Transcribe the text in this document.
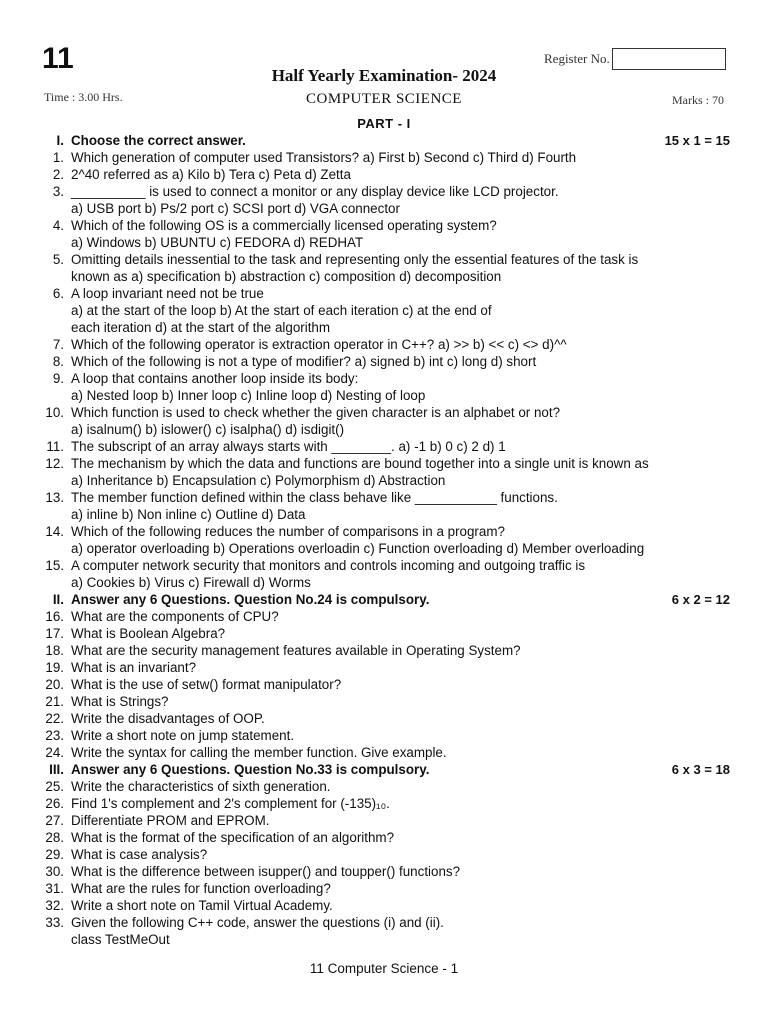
11	Register No.
Half Yearly Examination- 2024
Time : 3.00 Hrs.	COMPUTER SCIENCE	Marks : 70
PART - I
I. Choose the correct answer.	15 x 1 = 15
1. Which generation of computer used Transistors? a) First b) Second c) Third d) Fourth
2. 2^40 referred as a) Kilo b) Tera c) Peta d) Zetta
3. __________ is used to connect a monitor or any display device like LCD projector.
a) USB port b) Ps/2 port c) SCSI port d) VGA connector
4. Which of the following OS is a commercially licensed operating system?
a) Windows b) UBUNTU c) FEDORA d) REDHAT
5. Omitting details inessential to the task and representing only the essential features of the task is
known as a) specification b) abstraction c) composition d) decomposition
6. A loop invariant need not be true
a) at the start of the loop b) At the start of each iteration c) at the end of
each iteration d) at the start of the algorithm
7. Which of the following operator is extraction operator in C++? a) >> b) << c) <> d)^^
8. Which of the following is not a type of modifier? a) signed b) int c) long d) short
9. A loop that contains another loop inside its body:
a) Nested loop b) Inner loop c) Inline loop d) Nesting of loop
10. Which function is used to check whether the given character is an alphabet or not?
a) isalnum() b) islower() c) isalpha() d) isdigit()
11. The subscript of an array always starts with ________. a) -1 b) 0 c) 2 d) 1
12. The mechanism by which the data and functions are bound together into a single unit is known as
a) Inheritance b) Encapsulation c) Polymorphism d) Abstraction
13. The member function defined within the class behave like ___________ functions.
a) inline b) Non inline c) Outline d) Data
14. Which of the following reduces the number of comparisons in a program?
a) operator overloading b) Operations overloadin c) Function overloading d) Member overloading
15. A computer network security that monitors and controls incoming and outgoing traffic is
a) Cookies b) Virus c) Firewall d) Worms
II. Answer any 6 Questions. Question No.24 is compulsory.	6 x 2 = 12
16. What are the components of CPU?
17. What is Boolean Algebra?
18. What are the security management features available in Operating System?
19. What is an invariant?
20. What is the use of setw() format manipulator?
21. What is Strings?
22. Write the disadvantages of OOP.
23. Write a short note on jump statement.
24. Write the syntax for calling the member function. Give example.
III. Answer any 6 Questions. Question No.33 is compulsory.	6 x 3 = 18
25. Write the characteristics of sixth generation.
26. Find 1's complement and 2's complement for (-135)₁₀.
27. Differentiate PROM and EPROM.
28. What is the format of the specification of an algorithm?
29. What is case analysis?
30. What is the difference between isupper() and toupper() functions?
31. What are the rules for function overloading?
32. Write a short note on Tamil Virtual Academy.
33. Given the following C++ code, answer the questions (i) and (ii).
class TestMeOut
11 Computer Science - 1
